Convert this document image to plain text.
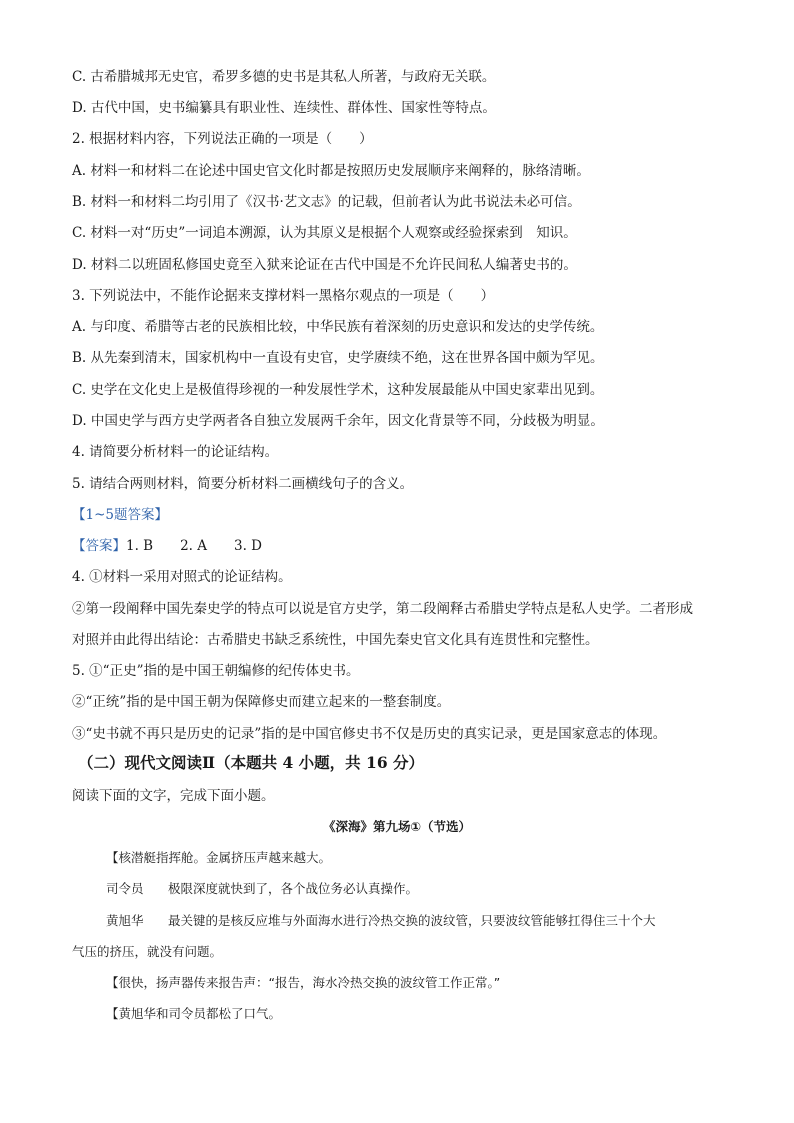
C. 古希腊城邦无史官，希罗多德的史书是其私人所著，与政府无关联。
D. 古代中国，史书编纂具有职业性、连续性、群体性、国家性等特点。
2. 根据材料内容，下列说法正确的一项是（　　）
A. 材料一和材料二在论述中国史官文化时都是按照历史发展顺序来阐释的，脉络清晰。
B. 材料一和材料二均引用了《汉书·艺文志》的记载，但前者认为此书说法未必可信。
C. 材料一对“历史”一词追本溯源，认为其原义是根据个人观察或经验探索到　知识。
D. 材料二以班固私修国史竟至入狱来论证在古代中国是不允许民间私人编著史书的。
3. 下列说法中，不能作论据来支撑材料一黑格尔观点的一项是（　　）
A. 与印度、希腊等古老的民族相比较，中华民族有着深刻的历史意识和发达的史学传统。
B. 从先秦到清末，国家机构中一直设有史官，史学赓续不绝，这在世界各国中颇为罕见。
C. 史学在文化史上是极值得珍视的一种发展性学术，这种发展最能从中国史家辈出见到。
D. 中国史学与西方史学两者各自独立发展两千余年，因文化背景等不同，分歧极为明显。
4. 请简要分析材料一的论证结构。
5. 请结合两则材料，简要分析材料二画横线句子的含义。
【1~5题答案】
【答案】1. B　　2. A　　3. D
4. ①材料一采用对照式的论证结构。
②第一段阐释中国先秦史学的特点可以说是官方史学，第二段阐释古希腊史学特点是私人史学。二者形成
对照并由此得出结论：古希腊史书缺乏系统性，中国先秦史官文化具有连贯性和完整性。
5. ①“正史”指的是中国王朝编修的纪传体史书。
②“正统”指的是中国王朝为保障修史而建立起来的一整套制度。
③“史书就不再只是历史的记录”指的是中国官修史书不仅是历史的真实记录，更是国家意志的体现。
（二）现代文阅读Ⅱ（本题共 4 小题，共 16 分）
阅读下面的文字，完成下面小题。
《深海》第九场①（节选）
【核潜艇指挥舱。金属挤压声越来越大。
司令员 极限深度就快到了，各个战位务必认真操作。
黄旭华 最关键的是核反应堆与外面海水进行冷热交换的波纹管，只要波纹管能够扛得住三十个大
气压的挤压，就没有问题。
【很快，扬声器传来报告声：“报告，海水冷热交换的波纹管工作正常。”
【黄旭华和司令员都松了口气。
